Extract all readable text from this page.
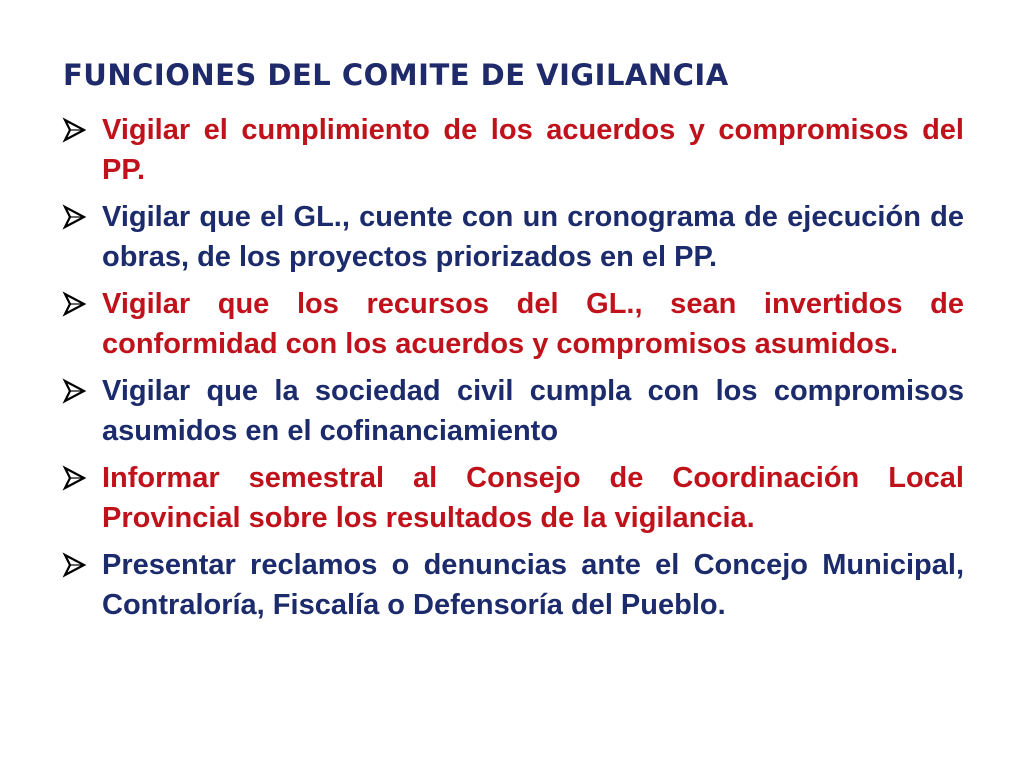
FUNCIONES DEL COMITE DE VIGILANCIA
Vigilar el cumplimiento de los acuerdos y compromisos del PP.
Vigilar que el GL., cuente con un cronograma de ejecución de obras, de los proyectos priorizados en el PP.
Vigilar que los recursos del GL., sean invertidos de conformidad con los acuerdos y compromisos asumidos.
Vigilar que la sociedad civil cumpla con los compromisos asumidos en el cofinanciamiento
Informar semestral al Consejo de Coordinación Local Provincial sobre los resultados de la vigilancia.
Presentar reclamos o denuncias ante el Concejo Municipal, Contraloría, Fiscalía o Defensoría del Pueblo.
